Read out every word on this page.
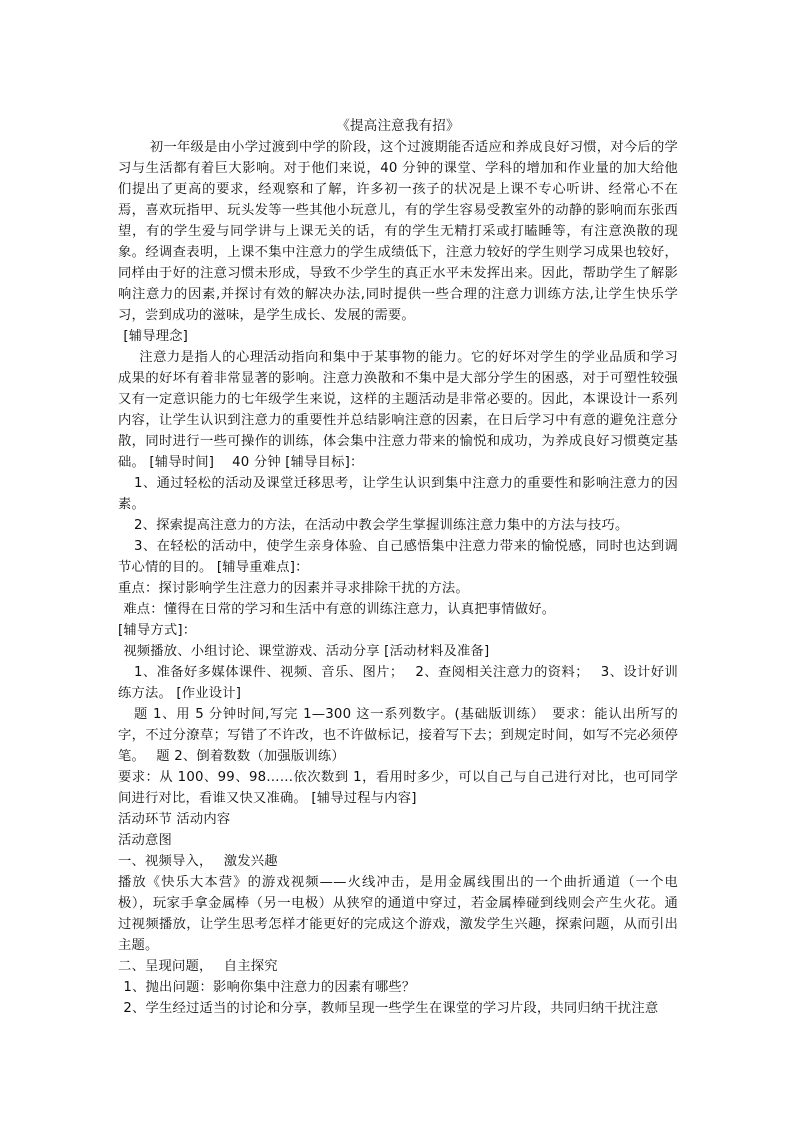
《提高注意我有招》

初一年级是由小学过渡到中学的阶段，这个过渡期能否适应和养成良好习惯，对今后的学习与生活都有着巨大影响。对于他们来说，40 分钟的课堂、学科的增加和作业量的加大给他们提出了更高的要求，经观察和了解，许多初一孩子的状况是上课不专心听讲、经常心不在焉，喜欢玩指甲、玩头发等一些其他小玩意儿，有的学生容易受教室外的动静的影响而东张西望，有的学生爱与同学讲与上课无关的话，有的学生无精打采或打瞌睡等，有注意涣散的现象。经调查表明，上课不集中注意力的学生成绩低下，注意力较好的学生则学习成果也较好，同样由于好的注意习惯未形成，导致不少学生的真正水平未发挥出来。因此，帮助学生了解影响注意力的因素,并探讨有效的解决办法,同时提供一些合理的注意力训练方法,让学生快乐学习，尝到成功的滋味，是学生成长、发展的需要。

[辅导理念]

注意力是指人的心理活动指向和集中于某事物的能力。它的好坏对学生的学业品质和学习成果的好坏有着非常显著的影响。注意力涣散和不集中是大部分学生的困惑，对于可塑性较强又有一定意识能力的七年级学生来说，这样的主题活动是非常必要的。因此，本课设计一系列内容，让学生认识到注意力的重要性并总结影响注意的因素，在日后学习中有意的避免注意分散，同时进行一些可操作的训练，体会集中注意力带来的愉悦和成功，为养成良好习惯奠定基础。 [辅导时间]　 40 分钟 [辅导目标]：

1、通过轻松的活动及课堂迁移思考，让学生认识到集中注意力的重要性和影响注意力的因素。

2、探索提高注意力的方法，在活动中教会学生掌握训练注意力集中的方法与技巧。

3、在轻松的活动中，使学生亲身体验、自己感悟集中注意力带来的愉悦感，同时也达到调节心情的目的。 [辅导重难点]：

重点：探讨影响学生注意力的因素并寻求排除干扰的方法。

难点：懂得在日常的学习和生活中有意的训练注意力，认真把事情做好。

[辅导方式]：

视频播放、小组讨论、课堂游戏、活动分享 [活动材料及准备]

1、准备好多媒体课件、视频、音乐、图片；　 2、查阅相关注意力的资料；　 3、设计好训练方法。 [作业设计]

题 1、用 5 分钟时间,写完 1—300 这一系列数字。(基础版训练）　要求：能认出所写的字，不过分潦草；写错了不许改，也不许做标记，接着写下去；到规定时间，如写不完必须停笔。　 题 2、倒着数数（加强版训练）

要求：从 100、99、98……依次数到 1，看用时多少，可以自己与自己进行对比，也可同学间进行对比，看谁又快又准确。 [辅导过程与内容]

活动环节 活动内容

活动意图

一、视频导入，　 激发兴趣

播放《快乐大本营》的游戏视频——火线冲击，是用金属线围出的一个曲折通道（一个电极），玩家手拿金属棒（另一电极）从狭窄的通道中穿过，若金属棒碰到线则会产生火花。通过视频播放，让学生思考怎样才能更好的完成这个游戏，激发学生兴趣，探索问题，从而引出主题。

二、呈现问题，　 自主探究

1、抛出问题：影响你集中注意力的因素有哪些？

2、学生经过适当的讨论和分享，教师呈现一些学生在课堂的学习片段，共同归纳干扰注意
